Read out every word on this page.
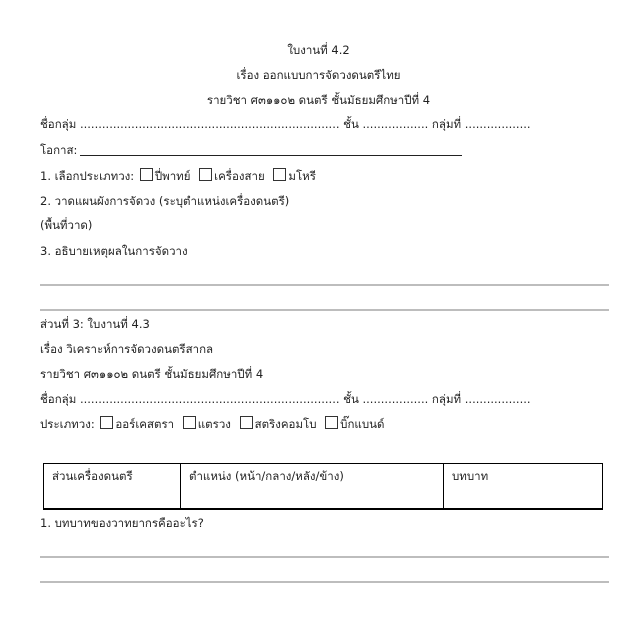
ใบงานที่ 4.2
เรื่อง ออกแบบการจัดวงดนตรีไทย
รายวิชา ศ๓๑๑๐๒ ดนตรี ชั้นมัธยมศึกษาปีที่ 4
ชื่อกลุ่ม ....................................................................... ชั้น .................. กลุ่มที่ ..................
โอกาส:
1. เลือกประเภทวง: ปี่พาทย์ เครื่องสาย มโหรี
2. วาดแผนผังการจัดวง (ระบุตำแหน่งเครื่องดนตรี)
(พื้นที่วาด)
3. อธิบายเหตุผลในการจัดวาง
ส่วนที่ 3: ใบงานที่ 4.3
เรื่อง วิเคราะห์การจัดวงดนตรีสากล
รายวิชา ศ๓๑๑๐๒ ดนตรี ชั้นมัธยมศึกษาปีที่ 4
ชื่อกลุ่ม ....................................................................... ชั้น .................. กลุ่มที่ ..................
ประเภทวง: ออร์เคสตรา แตรวง สตริงคอมโบ บิ๊กแบนด์
ส่วนเครื่องดนตรี	ตำแหน่ง (หน้า/กลาง/หลัง/ข้าง)	บทบาท
1. บทบาทของวาทยากรคืออะไร?
